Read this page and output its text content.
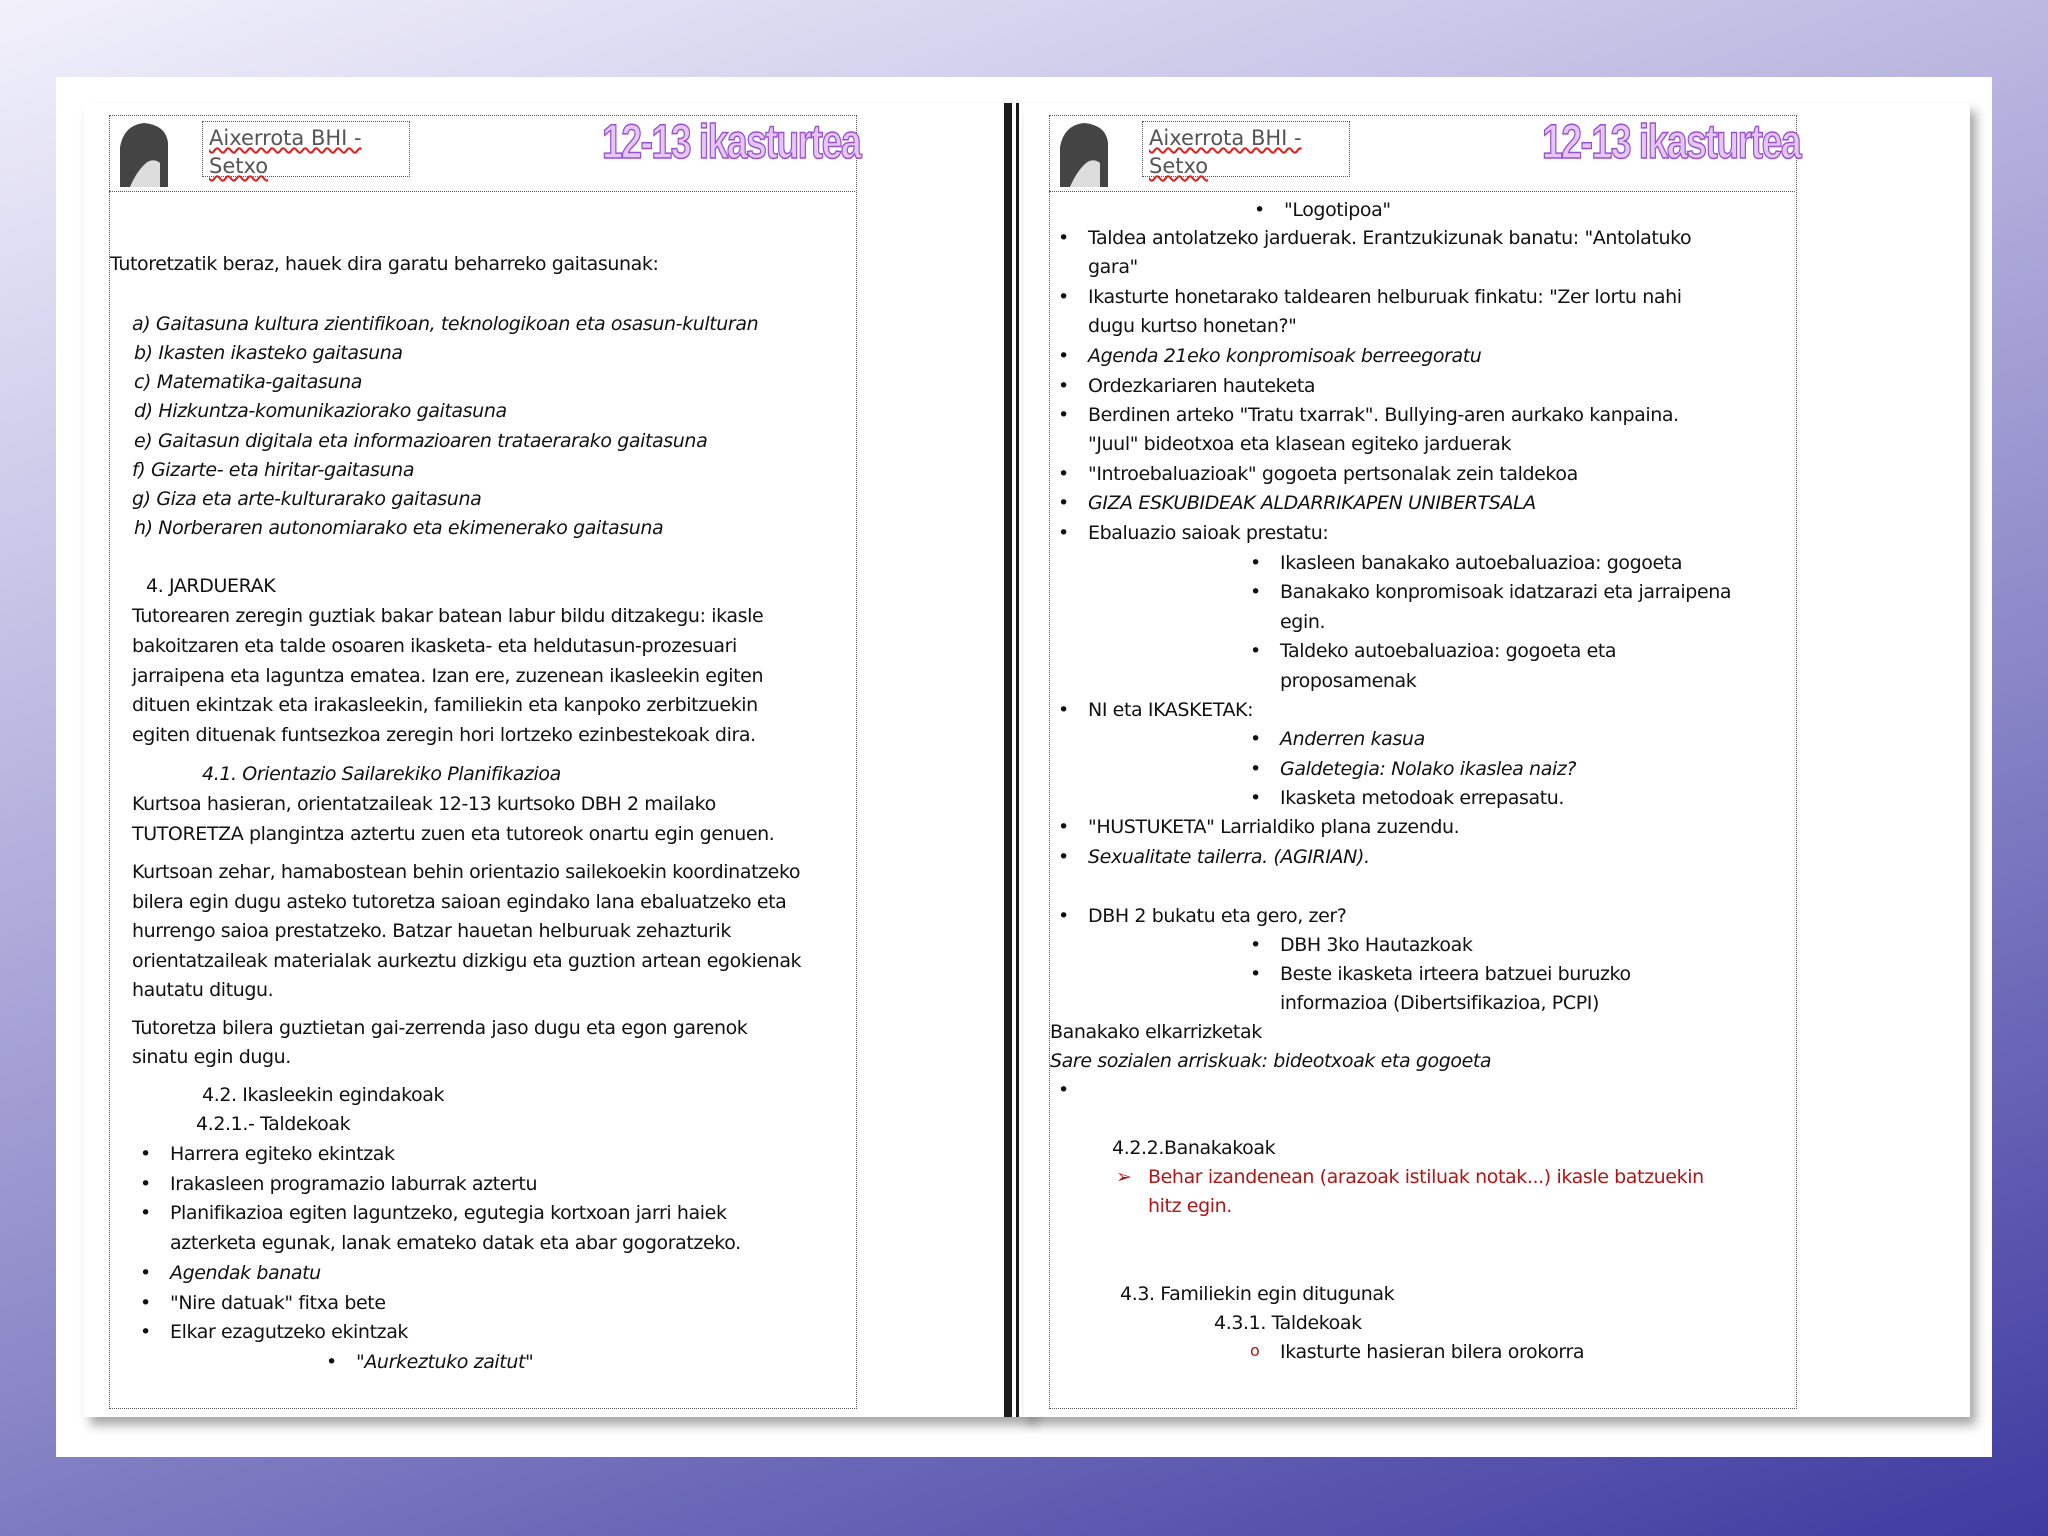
Aixerrota BHI -
Setxo	12-13 ikasturtea
Tutoretzatik beraz, hauek dira garatu beharreko gaitasunak:
a) Gaitasuna kultura zientifikoan, teknologikoan eta osasun-kulturan
b) Ikasten ikasteko gaitasuna
c) Matematika-gaitasuna
d) Hizkuntza-komunikaziorako gaitasuna
e) Gaitasun digitala eta informazioaren trataerarako gaitasuna
f) Gizarte- eta hiritar-gaitasuna
g) Giza eta arte-kulturarako gaitasuna
h) Norberaren autonomiarako eta ekimenerako gaitasuna
4. JARDUERAK
Tutorearen zeregin guztiak bakar batean labur bildu ditzakegu: ikasle
bakoitzaren eta talde osoaren ikasketa- eta heldutasun-prozesuari
jarraipena eta laguntza ematea. Izan ere, zuzenean ikasleekin egiten
dituen ekintzak eta irakasleekin, familiekin eta kanpoko zerbitzuekin
egiten dituenak funtsezkoa zeregin hori lortzeko ezinbestekoak dira.
4.1. Orientazio Sailarekiko Planifikazioa
Kurtsoa hasieran, orientatzaileak 12-13 kurtsoko DBH 2 mailako
TUTORETZA plangintza aztertu zuen eta tutoreok onartu egin genuen.
Kurtsoan zehar, hamabostean behin orientazio sailekoekin koordinatzeko
bilera egin dugu asteko tutoretza saioan egindako lana ebaluatzeko eta
hurrengo saioa prestatzeko. Batzar hauetan helburuak zehazturik
orientatzaileak materialak aurkeztu dizkigu eta guztion artean egokienak
hautatu ditugu.
Tutoretza bilera guztietan gai-zerrenda jaso dugu eta egon garenok
sinatu egin dugu.
4.2. Ikasleekin egindakoak
4.2.1.- Taldekoak
• Harrera egiteko ekintzak
• Irakasleen programazio laburrak aztertu
• Planifikazioa egiten laguntzeko, egutegia kortxoan jarri haiek
azterketa egunak, lanak emateko datak eta abar gogoratzeko.
• Agendak banatu
• "Nire datuak" fitxa bete
• Elkar ezagutzeko ekintzak
• "Aurkeztuko zaitut"
Aixerrota BHI -
Setxo	12-13 ikasturtea
• "Logotipoa"
• Taldea antolatzeko jarduerak. Erantzukizunak banatu: "Antolatuko
gara"
• Ikasturte honetarako taldearen helburuak finkatu: "Zer lortu nahi
dugu kurtso honetan?"
• Agenda 21eko konpromisoak berreegoratu
• Ordezkariaren hauteketa
• Berdinen arteko "Tratu txarrak". Bullying-aren aurkako kanpaina.
"Juul" bideotxoa eta klasean egiteko jarduerak
• "Introebaluazioak" gogoeta pertsonalak zein taldekoa
• GIZA ESKUBIDEAK ALDARRIKAPEN UNIBERTSALA
• Ebaluazio saioak prestatu:
• Ikasleen banakako autoebaluazioa: gogoeta
• Banakako konpromisoak idatzarazi eta jarraipena
egin.
• Taldeko autoebaluazioa: gogoeta eta
proposamenak
• NI eta IKASKETAK:
• Anderren kasua
• Galdetegia: Nolako ikaslea naiz?
• Ikasketa metodoak errepasatu.
• "HUSTUKETA" Larrialdiko plana zuzendu.
• Sexualitate tailerra. (AGIRIAN).
• DBH 2 bukatu eta gero, zer?
• DBH 3ko Hautazkoak
• Beste ikasketa irteera batzuei buruzko
informazioa (Dibertsifikazioa, PCPI)
Banakako elkarrizketak
Sare sozialen arriskuak: bideotxoak eta gogoeta
4.2.2.Banakakoak
➢ Behar izandenean (arazoak istiluak notak...) ikasle batzuekin
hitz egin.
4.3. Familiekin egin ditugunak
4.3.1. Taldekoak
o Ikasturte hasieran bilera orokorra
